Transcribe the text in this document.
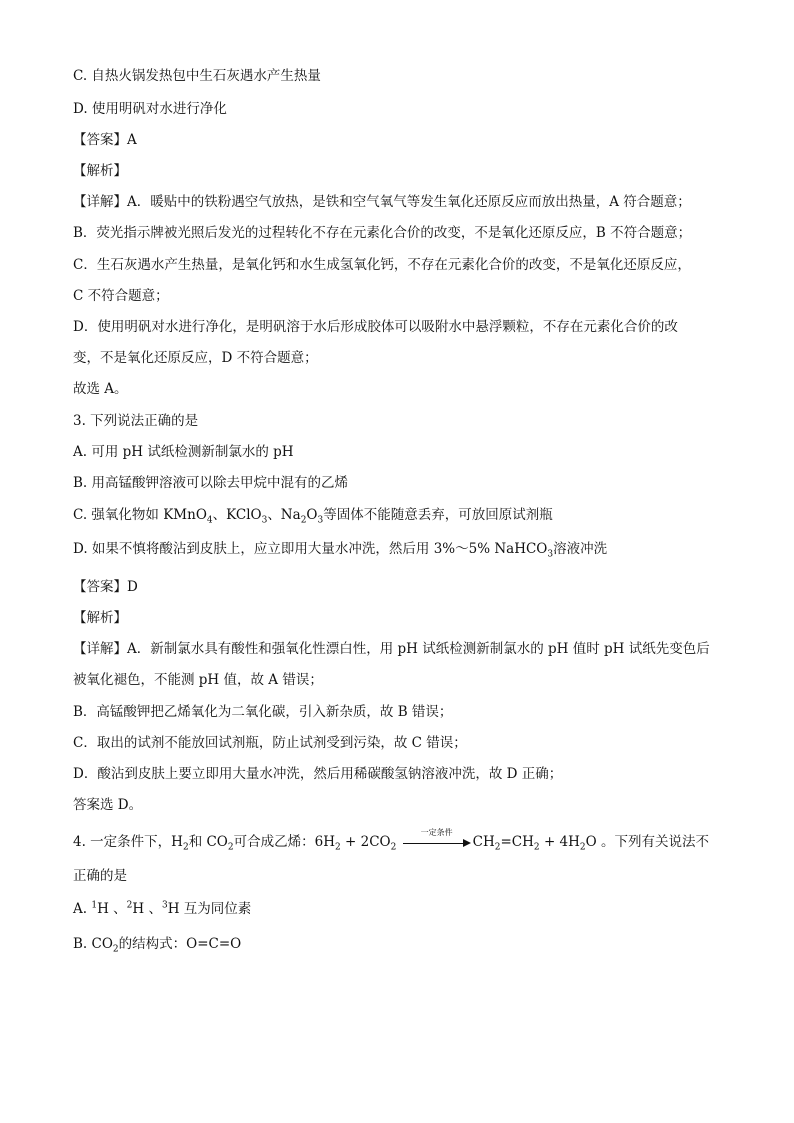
C. 自热火锅发热包中生石灰遇水产生热量
D. 使用明矾对水进行净化
【答案】A
【解析】
【详解】A．暖贴中的铁粉遇空气放热，是铁和空气氧气等发生氧化还原反应而放出热量，A 符合题意；
B．荧光指示牌被光照后发光的过程转化不存在元素化合价的改变，不是氧化还原反应，B 不符合题意；
C．生石灰遇水产生热量，是氧化钙和水生成氢氧化钙，不存在元素化合价的改变，不是氧化还原反应，
C 不符合题意；
D．使用明矾对水进行净化，是明矾溶于水后形成胶体可以吸附水中悬浮颗粒，不存在元素化合价的改
变，不是氧化还原反应，D 不符合题意；
故选 A。
3. 下列说法正确的是
A. 可用 pH 试纸检测新制氯水的 pH
B. 用高锰酸钾溶液可以除去甲烷中混有的乙烯
C. 强氧化物如 KMnO$_4$、KClO$_3$、$Na_2O_3$等固体不能随意丢弃，可放回原试剂瓶
D. 如果不慎将酸沾到皮肤上，应立即用大量水冲洗，然后用 3%～5% NaHCO$_3$溶液冲洗
【答案】D
【解析】
【详解】A．新制氯水具有酸性和强氧化性漂白性，用 pH 试纸检测新制氯水的 pH 值时 pH 试纸先变色后
被氧化褪色，不能测 pH 值，故 A 错误；
B．高锰酸钾把乙烯氧化为二氧化碳，引入新杂质，故 B 错误；
C．取出的试剂不能放回试剂瓶，防止试剂受到污染，故 C 错误；
D．酸沾到皮肤上要立即用大量水冲洗，然后用稀碳酸氢钠溶液冲洗，故 D 正确；
答案选 D。
4. 一定条件下，$H_2$和 $CO_2$可合成乙烯：$6H_2 + 2CO_2$
一定条件
$CH_2=CH_2 + 4H_2O$ 。下列有关说法不
正确的是
A. $^1$H 、$^2$H 、$^3$H 互为同位素
B. $CO_2$的结构式：O=C=O
